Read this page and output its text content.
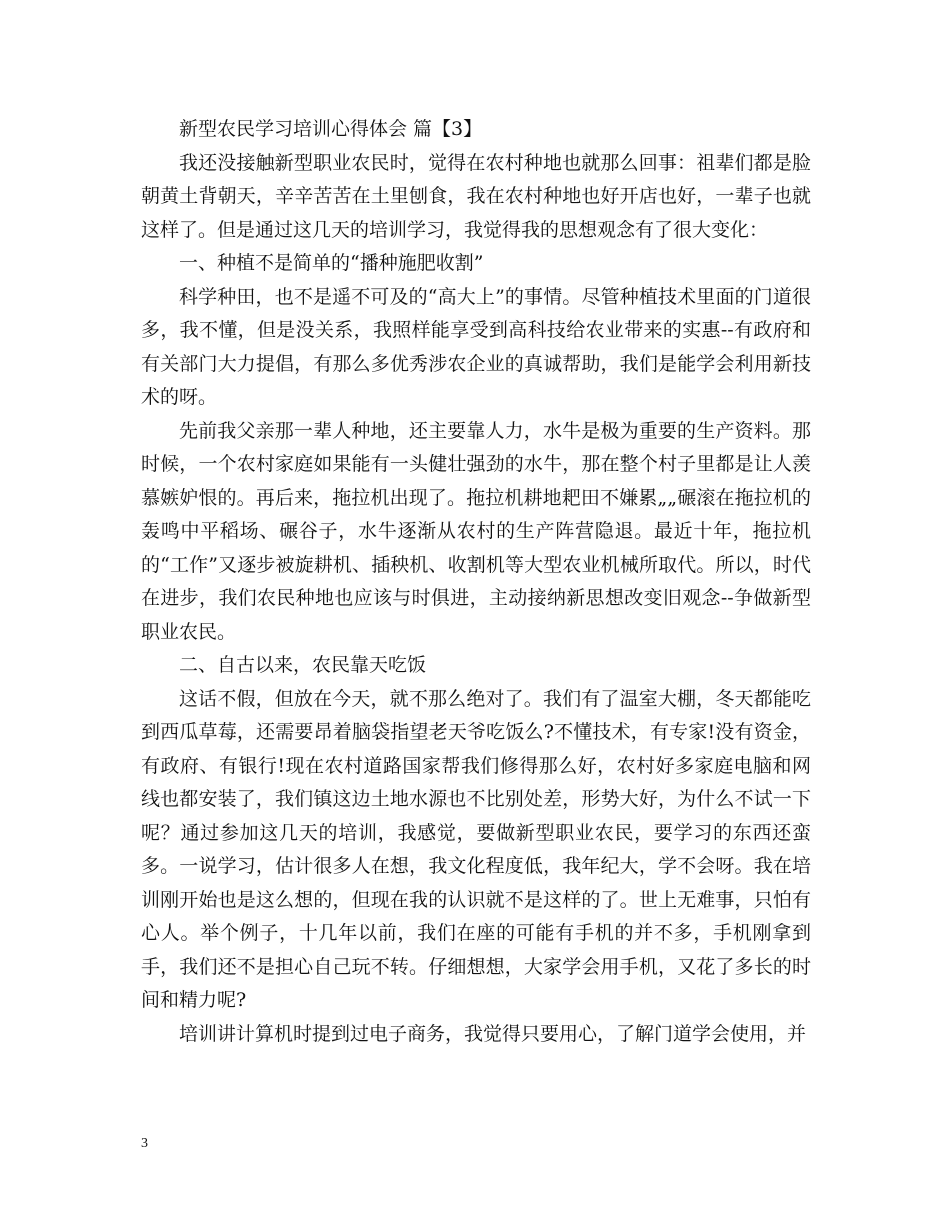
新型农民学习培训心得体会 篇【3】

我还没接触新型职业农民时，觉得在农村种地也就那么回事：祖辈们都是脸朝黄土背朝天，辛辛苦苦在土里刨食，我在农村种地也好开店也好，一辈子也就这样了。但是通过这几天的培训学习，我觉得我的思想观念有了很大变化：

一、种植不是简单的“播种施肥收割”

科学种田，也不是遥不可及的“高大上”的事情。尽管种植技术里面的门道很多，我不懂，但是没关系，我照样能享受到高科技给农业带来的实惠--有政府和有关部门大力提倡，有那么多优秀涉农企业的真诚帮助，我们是能学会利用新技术的呀。

先前我父亲那一辈人种地，还主要靠人力，水牛是极为重要的生产资料。那时候，一个农村家庭如果能有一头健壮强劲的水牛，那在整个村子里都是让人羡慕嫉妒恨的。再后来，拖拉机出现了。拖拉机耕地耙田不嫌累„„碾滚在拖拉机的轰鸣中平稻场、碾谷子，水牛逐渐从农村的生产阵营隐退。最近十年，拖拉机的“工作”又逐步被旋耕机、插秧机、收割机等大型农业机械所取代。所以，时代在进步，我们农民种地也应该与时俱进，主动接纳新思想改变旧观念--争做新型职业农民。

二、自古以来，农民靠天吃饭

这话不假，但放在今天，就不那么绝对了。我们有了温室大棚，冬天都能吃到西瓜草莓，还需要昂着脑袋指望老天爷吃饭么?不懂技术，有专家!没有资金，有政府、有银行!现在农村道路国家帮我们修得那么好，农村好多家庭电脑和网线也都安装了，我们镇这边土地水源也不比别处差，形势大好，为什么不试一下呢？通过参加这几天的培训，我感觉，要做新型职业农民，要学习的东西还蛮多。一说学习，估计很多人在想，我文化程度低，我年纪大，学不会呀。我在培训刚开始也是这么想的，但现在我的认识就不是这样的了。世上无难事，只怕有心人。举个例子，十几年以前，我们在座的可能有手机的并不多，手机刚拿到手，我们还不是担心自己玩不转。仔细想想，大家学会用手机，又花了多长的时间和精力呢?

培训讲计算机时提到过电子商务，我觉得只要用心，了解门道学会使用，并

3
